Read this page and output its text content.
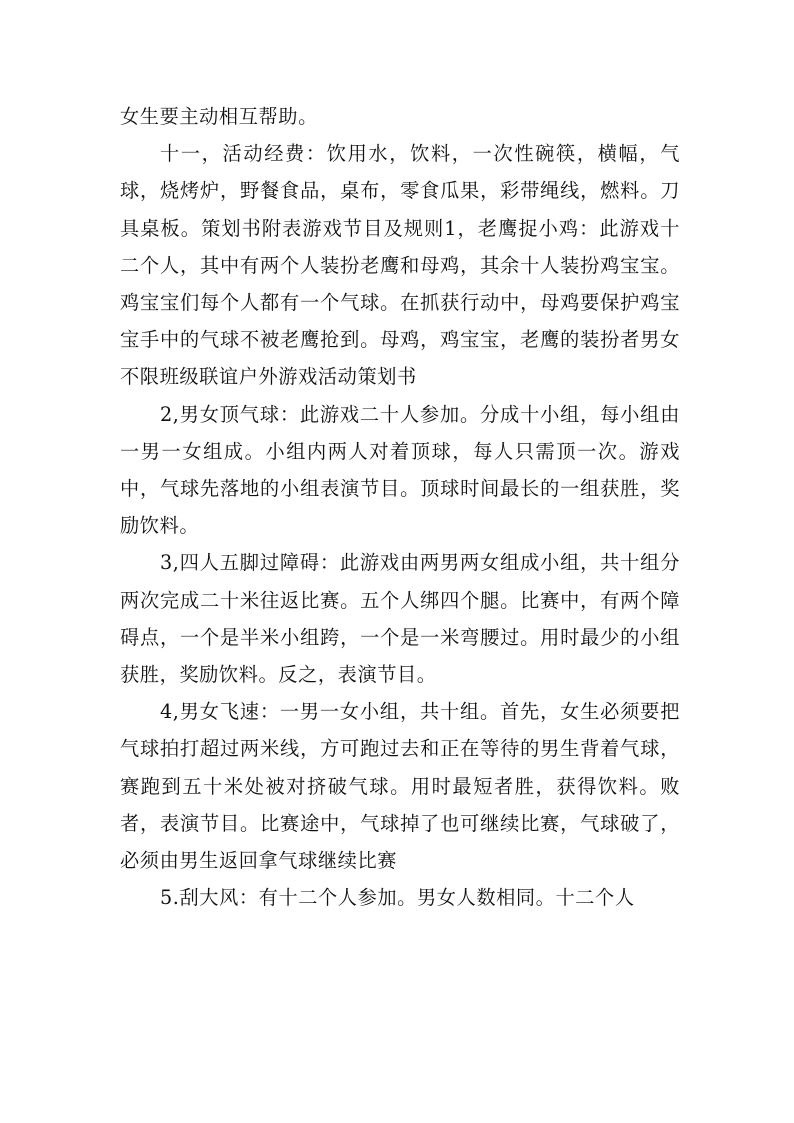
女生要主动相互帮助。

十一，活动经费：饮用水，饮料，一次性碗筷，横幅，气球，烧烤炉，野餐食品，桌布，零食瓜果，彩带绳线，燃料。刀具桌板。策划书附表游戏节目及规则1，老鹰捉小鸡：此游戏十二个人，其中有两个人装扮老鹰和母鸡，其余十人装扮鸡宝宝。鸡宝宝们每个人都有一个气球。在抓获行动中，母鸡要保护鸡宝宝手中的气球不被老鹰抢到。母鸡，鸡宝宝，老鹰的装扮者男女不限班级联谊户外游戏活动策划书

2,男女顶气球：此游戏二十人参加。分成十小组，每小组由一男一女组成。小组内两人对着顶球，每人只需顶一次。游戏中，气球先落地的小组表演节目。顶球时间最长的一组获胜，奖励饮料。

3,四人五脚过障碍：此游戏由两男两女组成小组，共十组分两次完成二十米往返比赛。五个人绑四个腿。比赛中，有两个障碍点，一个是半米小组跨，一个是一米弯腰过。用时最少的小组获胜，奖励饮料。反之，表演节目。

4,男女飞速：一男一女小组，共十组。首先，女生必须要把气球拍打超过两米线，方可跑过去和正在等待的男生背着气球，赛跑到五十米处被对挤破气球。用时最短者胜，获得饮料。败者，表演节目。比赛途中，气球掉了也可继续比赛，气球破了，必须由男生返回拿气球继续比赛

5.刮大风：有十二个人参加。男女人数相同。十二个人
